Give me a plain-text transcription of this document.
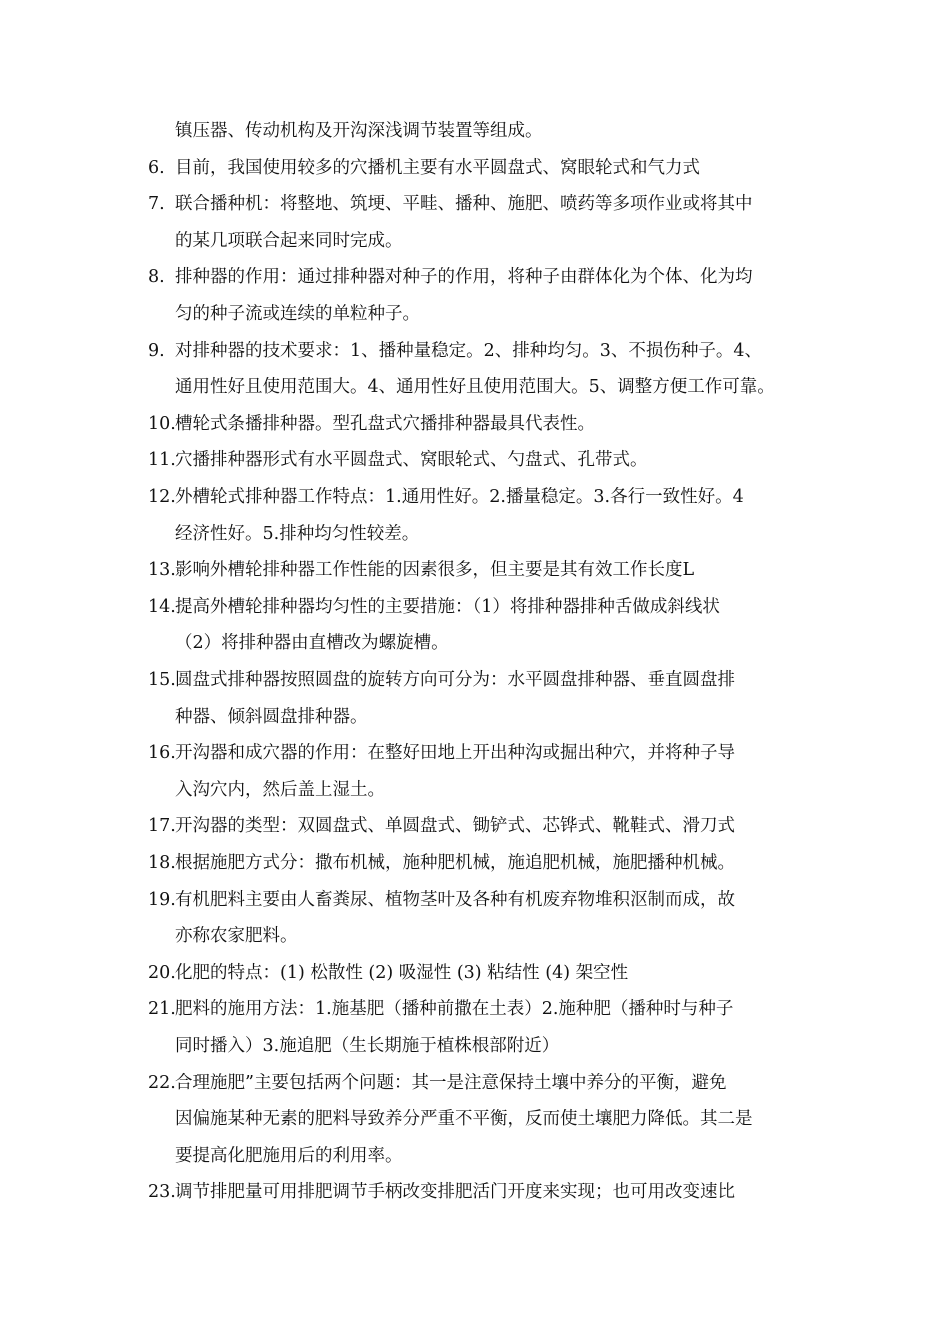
镇压器、传动机构及开沟深浅调节装置等组成。
6. 目前，我国使用较多的穴播机主要有水平圆盘式、窝眼轮式和气力式
7. 联合播种机：将整地、筑埂、平畦、播种、施肥、喷药等多项作业或将其中
的某几项联合起来同时完成。
8. 排种器的作用：通过排种器对种子的作用，将种子由群体化为个体、化为均
匀的种子流或连续的单粒种子。
9. 对排种器的技术要求：1、播种量稳定。2、排种均匀。3、不损伤种子。4、
通用性好且使用范围大。4、通用性好且使用范围大。5、调整方便工作可靠。
10. 槽轮式条播排种器。型孔盘式穴播排种器最具代表性。
11. 穴播排种器形式有水平圆盘式、窝眼轮式、勺盘式、孔带式。
12. 外槽轮式排种器工作特点：1.通用性好。2.播量稳定。3.各行一致性好。4
经济性好。5.排种均匀性较差。
13. 影响外槽轮排种器工作性能的因素很多，但主要是其有效工作长度L
14. 提高外槽轮排种器均匀性的主要措施：（1）将排种器排种舌做成斜线状
（2）将排种器由直槽改为螺旋槽。
15. 圆盘式排种器按照圆盘的旋转方向可分为：水平圆盘排种器、垂直圆盘排
种器、倾斜圆盘排种器。
16. 开沟器和成穴器的作用：在整好田地上开出种沟或掘出种穴，并将种子导
入沟穴内，然后盖上湿土。
17. 开沟器的类型：双圆盘式、单圆盘式、锄铲式、芯铧式、靴鞋式、滑刀式
18. 根据施肥方式分：撒布机械，施种肥机械，施追肥机械，施肥播种机械。
19. 有机肥料主要由人畜粪尿、植物茎叶及各种有机废弃物堆积沤制而成，故
亦称农家肥料。
20. 化肥的特点：(1) 松散性 (2) 吸湿性 (3) 粘结性 (4) 架空性
21. 肥料的施用方法：1.施基肥（播种前撒在土表）2.施种肥（播种时与种子
同时播入）3.施追肥（生长期施于植株根部附近）
22. 合理施肥”主要包括两个问题：其一是注意保持土壤中养分的平衡，避免
因偏施某种无素的肥料导致养分严重不平衡，反而使土壤肥力降低。其二是
要提高化肥施用后的利用率。
23. 调节排肥量可用排肥调节手柄改变排肥活门开度来实现；也可用改变速比
